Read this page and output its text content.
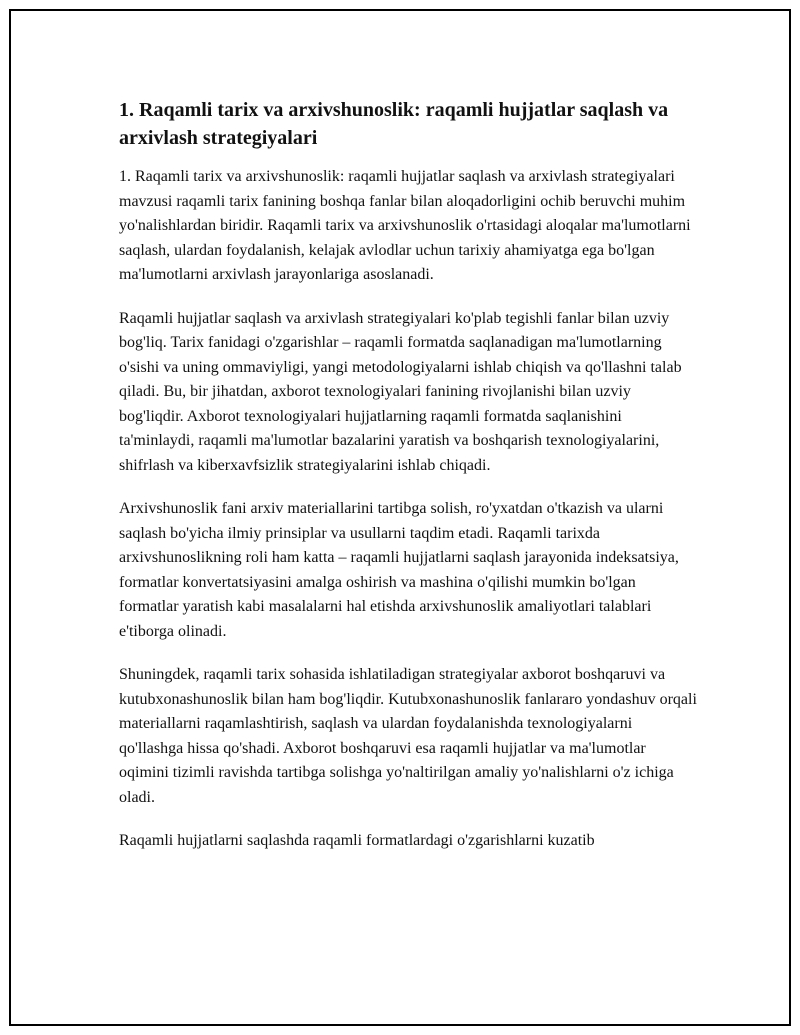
1. Raqamli tarix va arxivshunoslik: raqamli hujjatlar saqlash va arxivlash strategiyalari

1. Raqamli tarix va arxivshunoslik: raqamli hujjatlar saqlash va arxivlash strategiyalari mavzusi raqamli tarix fanining boshqa fanlar bilan aloqadorligini ochib beruvchi muhim yo'nalishlardan biridir. Raqamli tarix va arxivshunoslik o'rtasidagi aloqalar ma'lumotlarni saqlash, ulardan foydalanish, kelajak avlodlar uchun tarixiy ahamiyatga ega bo'lgan ma'lumotlarni arxivlash jarayonlariga asoslanadi.

Raqamli hujjatlar saqlash va arxivlash strategiyalari ko'plab tegishli fanlar bilan uzviy bog'liq. Tarix fanidagi o'zgarishlar – raqamli formatda saqlanadigan ma'lumotlarning o'sishi va uning ommaviyligi, yangi metodologiyalarni ishlab chiqish va qo'llashni talab qiladi. Bu, bir jihatdan, axborot texnologiyalari fanining rivojlanishi bilan uzviy bog'liqdir. Axborot texnologiyalari hujjatlarning raqamli formatda saqlanishini ta'minlaydi, raqamli ma'lumotlar bazalarini yaratish va boshqarish texnologiyalarini, shifrlash va kiberxavfsizlik strategiyalarini ishlab chiqadi.

Arxivshunoslik fani arxiv materiallarini tartibga solish, ro'yxatdan o'tkazish va ularni saqlash bo'yicha ilmiy prinsiplar va usullarni taqdim etadi. Raqamli tarixda arxivshunoslikning roli ham katta – raqamli hujjatlarni saqlash jarayonida indeksatsiya, formatlar konvertatsiyasini amalga oshirish va mashina o'qilishi mumkin bo'lgan formatlar yaratish kabi masalalarni hal etishda arxivshunoslik amaliyotlari talablari e'tiborga olinadi.

Shuningdek, raqamli tarix sohasida ishlatiladigan strategiyalar axborot boshqaruvi va kutubxonashunoslik bilan ham bog'liqdir. Kutubxonashunoslik fanlararo yondashuv orqali materiallarni raqamlashtirish, saqlash va ulardan foydalanishda texnologiyalarni qo'llashga hissa qo'shadi. Axborot boshqaruvi esa raqamli hujjatlar va ma'lumotlar oqimini tizimli ravishda tartibga solishga yo'naltirilgan amaliy yo'nalishlarni o'z ichiga oladi.

Raqamli hujjatlarni saqlashda raqamli formatlardagi o'zgarishlarni kuzatib
